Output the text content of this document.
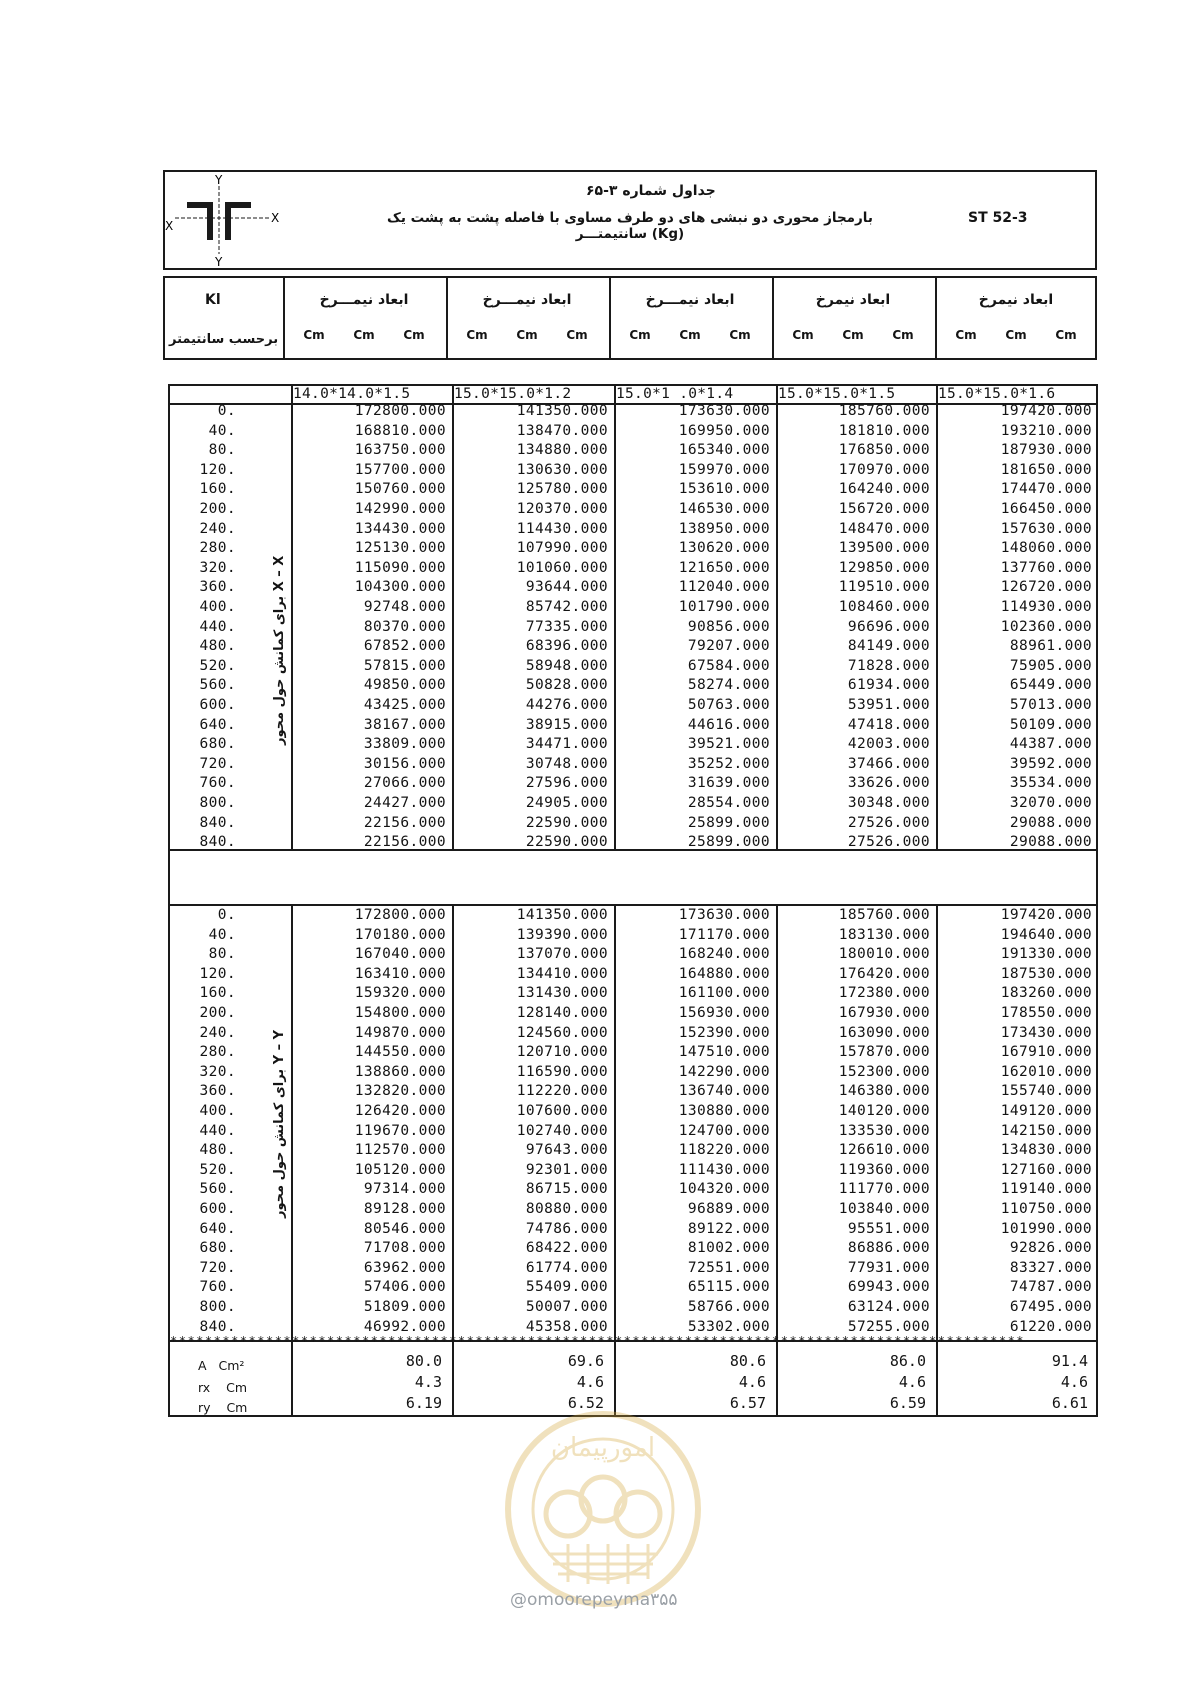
Y
Y
X
X
جداول شماره ۳-۶۵
بارمجاز محوری دو نبشی های دو طرف مساوی با فاصله پشت به پشت یک سانتیمتـــر (Kg)
ST 52-3
Kl
برحسب سانتیمتر
ابعاد نیمـــرخ	ابعاد نیمـــرخ	ابعاد نیمـــرخ	ابعاد نیمرخ	ابعاد نیمرخ
Cm Cm Cm	Cm Cm Cm	Cm Cm Cm	Cm Cm Cm	Cm Cm Cm
14.0*14.0*1.5	15.0*15.0*1.2	15.0*1 .0*1.4	15.0*15.0*1.5	15.0*15.0*1.6
0.	172800.000	141350.000	173630.000	185760.000	197420.000
40.	168810.000	138470.000	169950.000	181810.000	193210.000
80.	163750.000	134880.000	165340.000	176850.000	187930.000
120.	157700.000	130630.000	159970.000	170970.000	181650.000
160.	150760.000	125780.000	153610.000	164240.000	174470.000
200.	142990.000	120370.000	146530.000	156720.000	166450.000
240.	134430.000	114430.000	138950.000	148470.000	157630.000
280.	125130.000	107990.000	130620.000	139500.000	148060.000
320.	115090.000	101060.000	121650.000	129850.000	137760.000
360.	104300.000	93644.000	112040.000	119510.000	126720.000
400.	92748.000	85742.000	101790.000	108460.000	114930.000
440.	80370.000	77335.000	90856.000	96696.000	102360.000
480.	67852.000	68396.000	79207.000	84149.000	88961.000
520.	57815.000	58948.000	67584.000	71828.000	75905.000
560.	49850.000	50828.000	58274.000	61934.000	65449.000
600.	43425.000	44276.000	50763.000	53951.000	57013.000
640.	38167.000	38915.000	44616.000	47418.000	50109.000
680.	33809.000	34471.000	39521.000	42003.000	44387.000
720.	30156.000	30748.000	35252.000	37466.000	39592.000
760.	27066.000	27596.000	31639.000	33626.000	35534.000
800.	24427.000	24905.000	28554.000	30348.000	32070.000
840.	22156.000	22590.000	25899.000	27526.000	29088.000
840.	22156.000	22590.000	25899.000	27526.000	29088.000
0.	172800.000	141350.000	173630.000	185760.000	197420.000
40.	170180.000	139390.000	171170.000	183130.000	194640.000
80.	167040.000	137070.000	168240.000	180010.000	191330.000
120.	163410.000	134410.000	164880.000	176420.000	187530.000
160.	159320.000	131430.000	161100.000	172380.000	183260.000
200.	154800.000	128140.000	156930.000	167930.000	178550.000
240.	149870.000	124560.000	152390.000	163090.000	173430.000
280.	144550.000	120710.000	147510.000	157870.000	167910.000
320.	138860.000	116590.000	142290.000	152300.000	162010.000
360.	132820.000	112220.000	136740.000	146380.000	155740.000
400.	126420.000	107600.000	130880.000	140120.000	149120.000
440.	119670.000	102740.000	124700.000	133530.000	142150.000
480.	112570.000	97643.000	118220.000	126610.000	134830.000
520.	105120.000	92301.000	111430.000	119360.000	127160.000
560.	97314.000	86715.000	104320.000	111770.000	119140.000
600.	89128.000	80880.000	96889.000	103840.000	110750.000
640.	80546.000	74786.000	89122.000	95551.000	101990.000
680.	71708.000	68422.000	81002.000	86886.000	92826.000
720.	63962.000	61774.000	72551.000	77931.000	83327.000
760.	57406.000	55409.000	65115.000	69943.000	74787.000
800.	51809.000	50007.000	58766.000	63124.000	67495.000
840.	46992.000	45358.000	53302.000	57255.000	61220.000
**************************************************************************************************
80.0	69.6	80.6	86.0	91.4
4.3	4.6	4.6	4.6	4.6
6.19	6.52	6.57	6.59	6.61
برای کمانش حول محور X – X
برای کمانش حول محور Y – Y
A Cm²
rx Cm
ry Cm
امورپیمان
@omoorepeyma۳۵۵
